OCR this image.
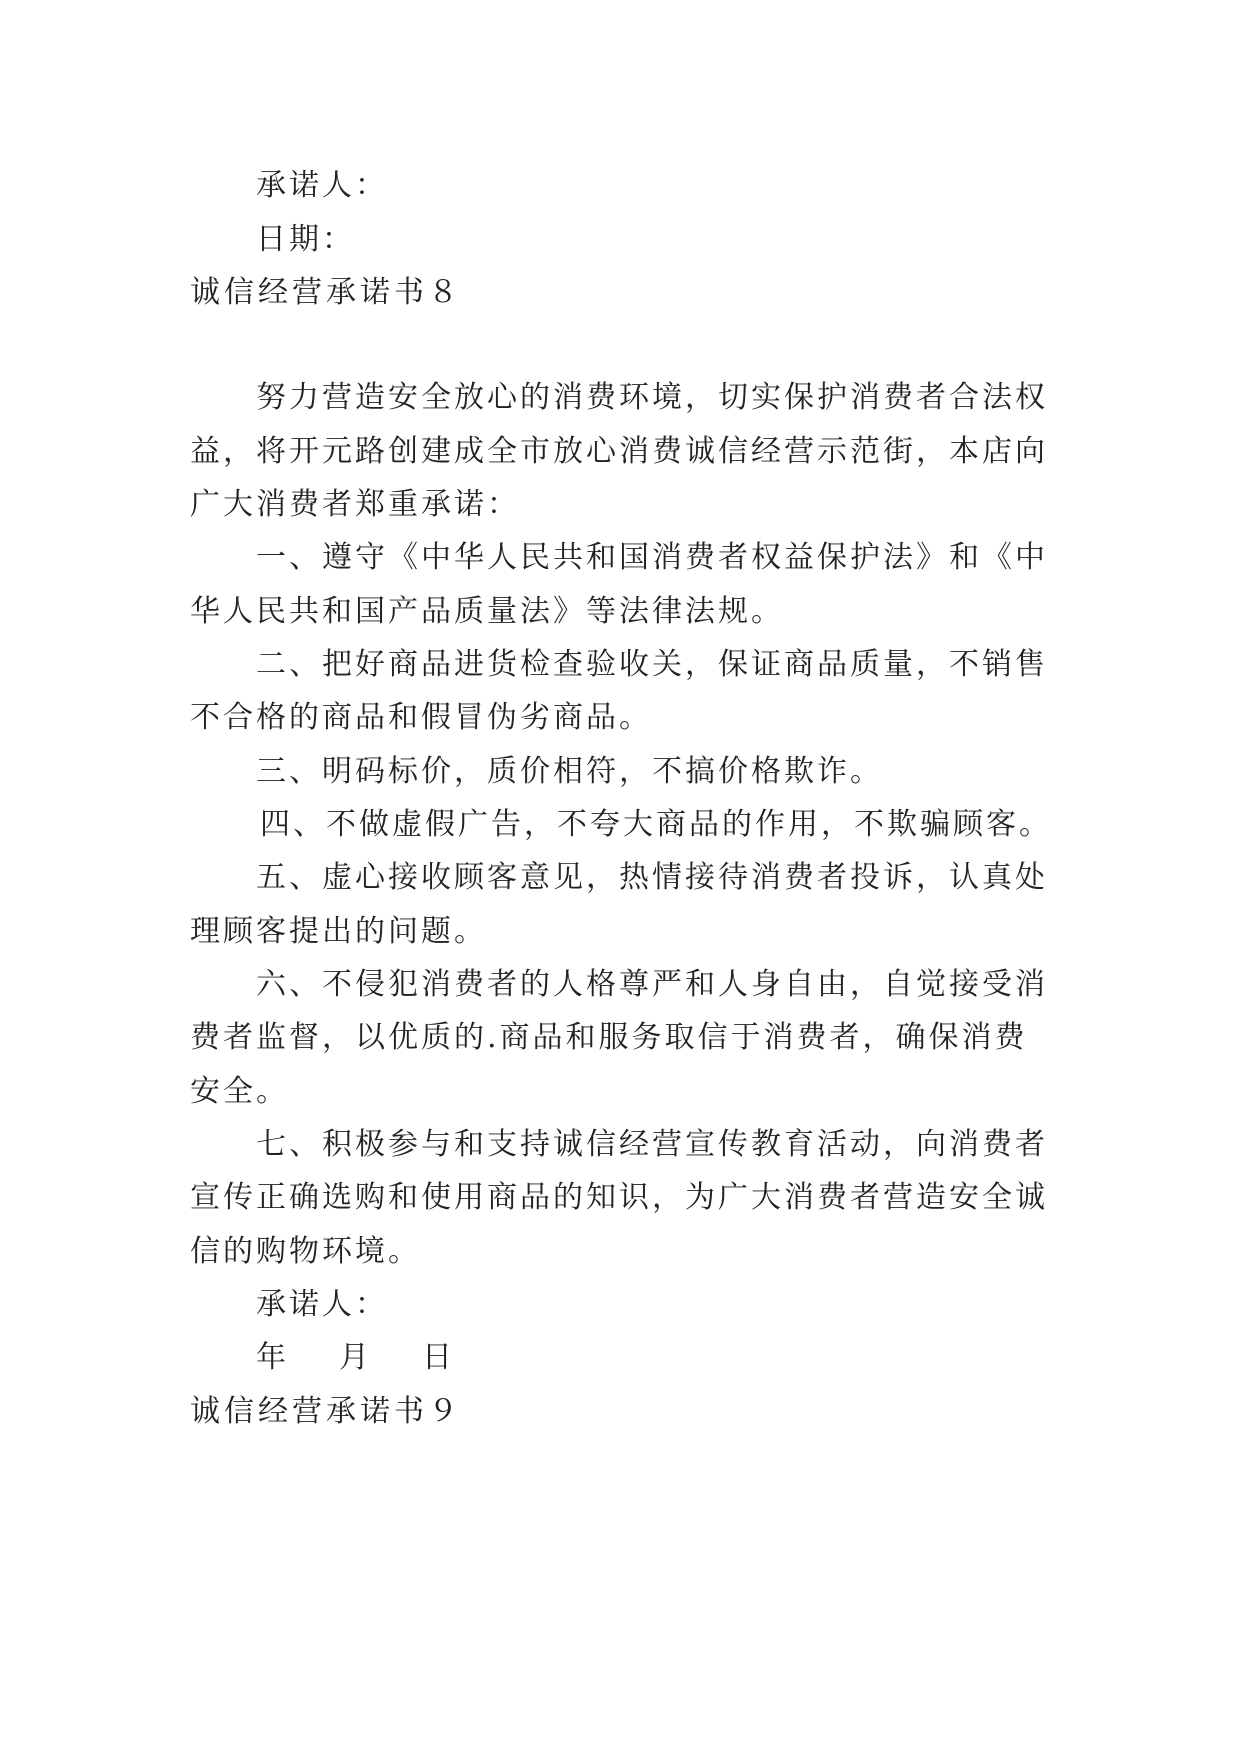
承诺人：
日期：
诚信经营承诺书８
努力营造安全放心的消费环境，切实保护消费者合法权
益，将开元路创建成全市放心消费诚信经营示范街，本店向
广大消费者郑重承诺：
一、遵守《中华人民共和国消费者权益保护法》和《中
华人民共和国产品质量法》等法律法规。
二、把好商品进货检查验收关，保证商品质量，不销售
不合格的商品和假冒伪劣商品。
三、明码标价，质价相符，不搞价格欺诈。
四、不做虚假广告，不夸大商品的作用，不欺骗顾客。
五、虚心接收顾客意见，热情接待消费者投诉，认真处
理顾客提出的问题。
六、不侵犯消费者的人格尊严和人身自由，自觉接受消
费者监督，以优质的.商品和服务取信于消费者，确保消费
安全。
七、积极参与和支持诚信经营宣传教育活动，向消费者
宣传正确选购和使用商品的知识，为广大消费者营造安全诚
信的购物环境。
承诺人：
年 月 日
诚信经营承诺书９
